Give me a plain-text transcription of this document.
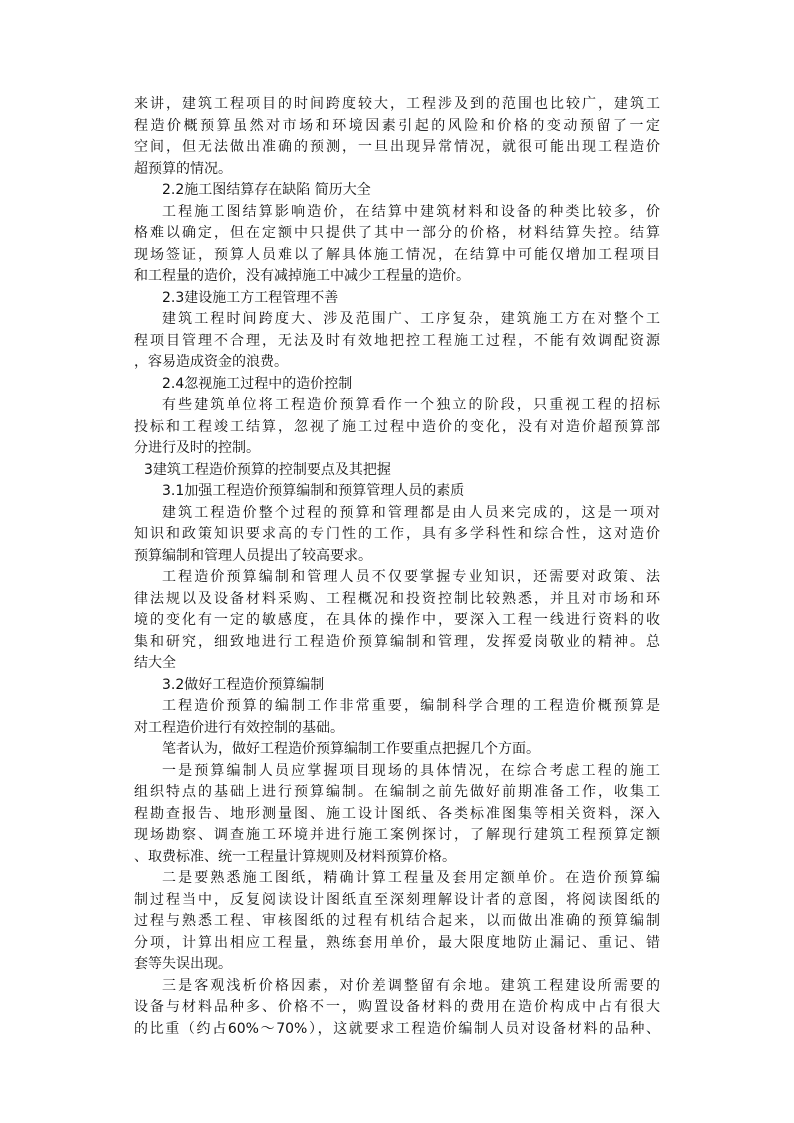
来讲，建筑工程项目的时间跨度较大，工程涉及到的范围也比较广，建筑工
程造价概预算虽然对市场和环境因素引起的风险和价格的变动预留了一定
空间，但无法做出准确的预测，一旦出现异常情况，就很可能出现工程造价
超预算的情况。
2.2施工图结算存在缺陷 简历大全
工程施工图结算影响造价，在结算中建筑材料和设备的种类比较多，价
格难以确定，但在定额中只提供了其中一部分的价格，材料结算失控。结算
现场签证，预算人员难以了解具体施工情况，在结算中可能仅增加工程项目
和工程量的造价，没有减掉施工中减少工程量的造价。
2.3建设施工方工程管理不善
建筑工程时间跨度大、涉及范围广、工序复杂，建筑施工方在对整个工
程项目管理不合理，无法及时有效地把控工程施工过程，不能有效调配资源
，容易造成资金的浪费。
2.4忽视施工过程中的造价控制
有些建筑单位将工程造价预算看作一个独立的阶段，只重视工程的招标
投标和工程竣工结算，忽视了施工过程中造价的变化，没有对造价超预算部
分进行及时的控制。
3建筑工程造价预算的控制要点及其把握
3.1加强工程造价预算编制和预算管理人员的素质
建筑工程造价整个过程的预算和管理都是由人员来完成的，这是一项对
知识和政策知识要求高的专门性的工作，具有多学科性和综合性，这对造价
预算编制和管理人员提出了较高要求。
工程造价预算编制和管理人员不仅要掌握专业知识，还需要对政策、法
律法规以及设备材料采购、工程概况和投资控制比较熟悉，并且对市场和环
境的变化有一定的敏感度，在具体的操作中，要深入工程一线进行资料的收
集和研究，细致地进行工程造价预算编制和管理，发挥爱岗敬业的精神。总
结大全
3.2做好工程造价预算编制
工程造价预算的编制工作非常重要，编制科学合理的工程造价概预算是
对工程造价进行有效控制的基础。
笔者认为，做好工程造价预算编制工作要重点把握几个方面。
一是预算编制人员应掌握项目现场的具体情况，在综合考虑工程的施工
组织特点的基础上进行预算编制。在编制之前先做好前期准备工作，收集工
程勘查报告、地形测量图、施工设计图纸、各类标准图集等相关资料，深入
现场勘察、调查施工环境并进行施工案例探讨，了解现行建筑工程预算定额
、取费标准、统一工程量计算规则及材料预算价格。
二是要熟悉施工图纸，精确计算工程量及套用定额单价。在造价预算编
制过程当中，反复阅读设计图纸直至深刻理解设计者的意图，将阅读图纸的
过程与熟悉工程、审核图纸的过程有机结合起来，以而做出准确的预算编制
分项，计算出相应工程量，熟练套用单价，最大限度地防止漏记、重记、错
套等失误出现。
三是客观浅析价格因素，对价差调整留有余地。建筑工程建设所需要的
设备与材料品种多、价格不一，购置设备材料的费用在造价构成中占有很大
的比重（约占60%～70%），这就要求工程造价编制人员对设备材料的品种、
